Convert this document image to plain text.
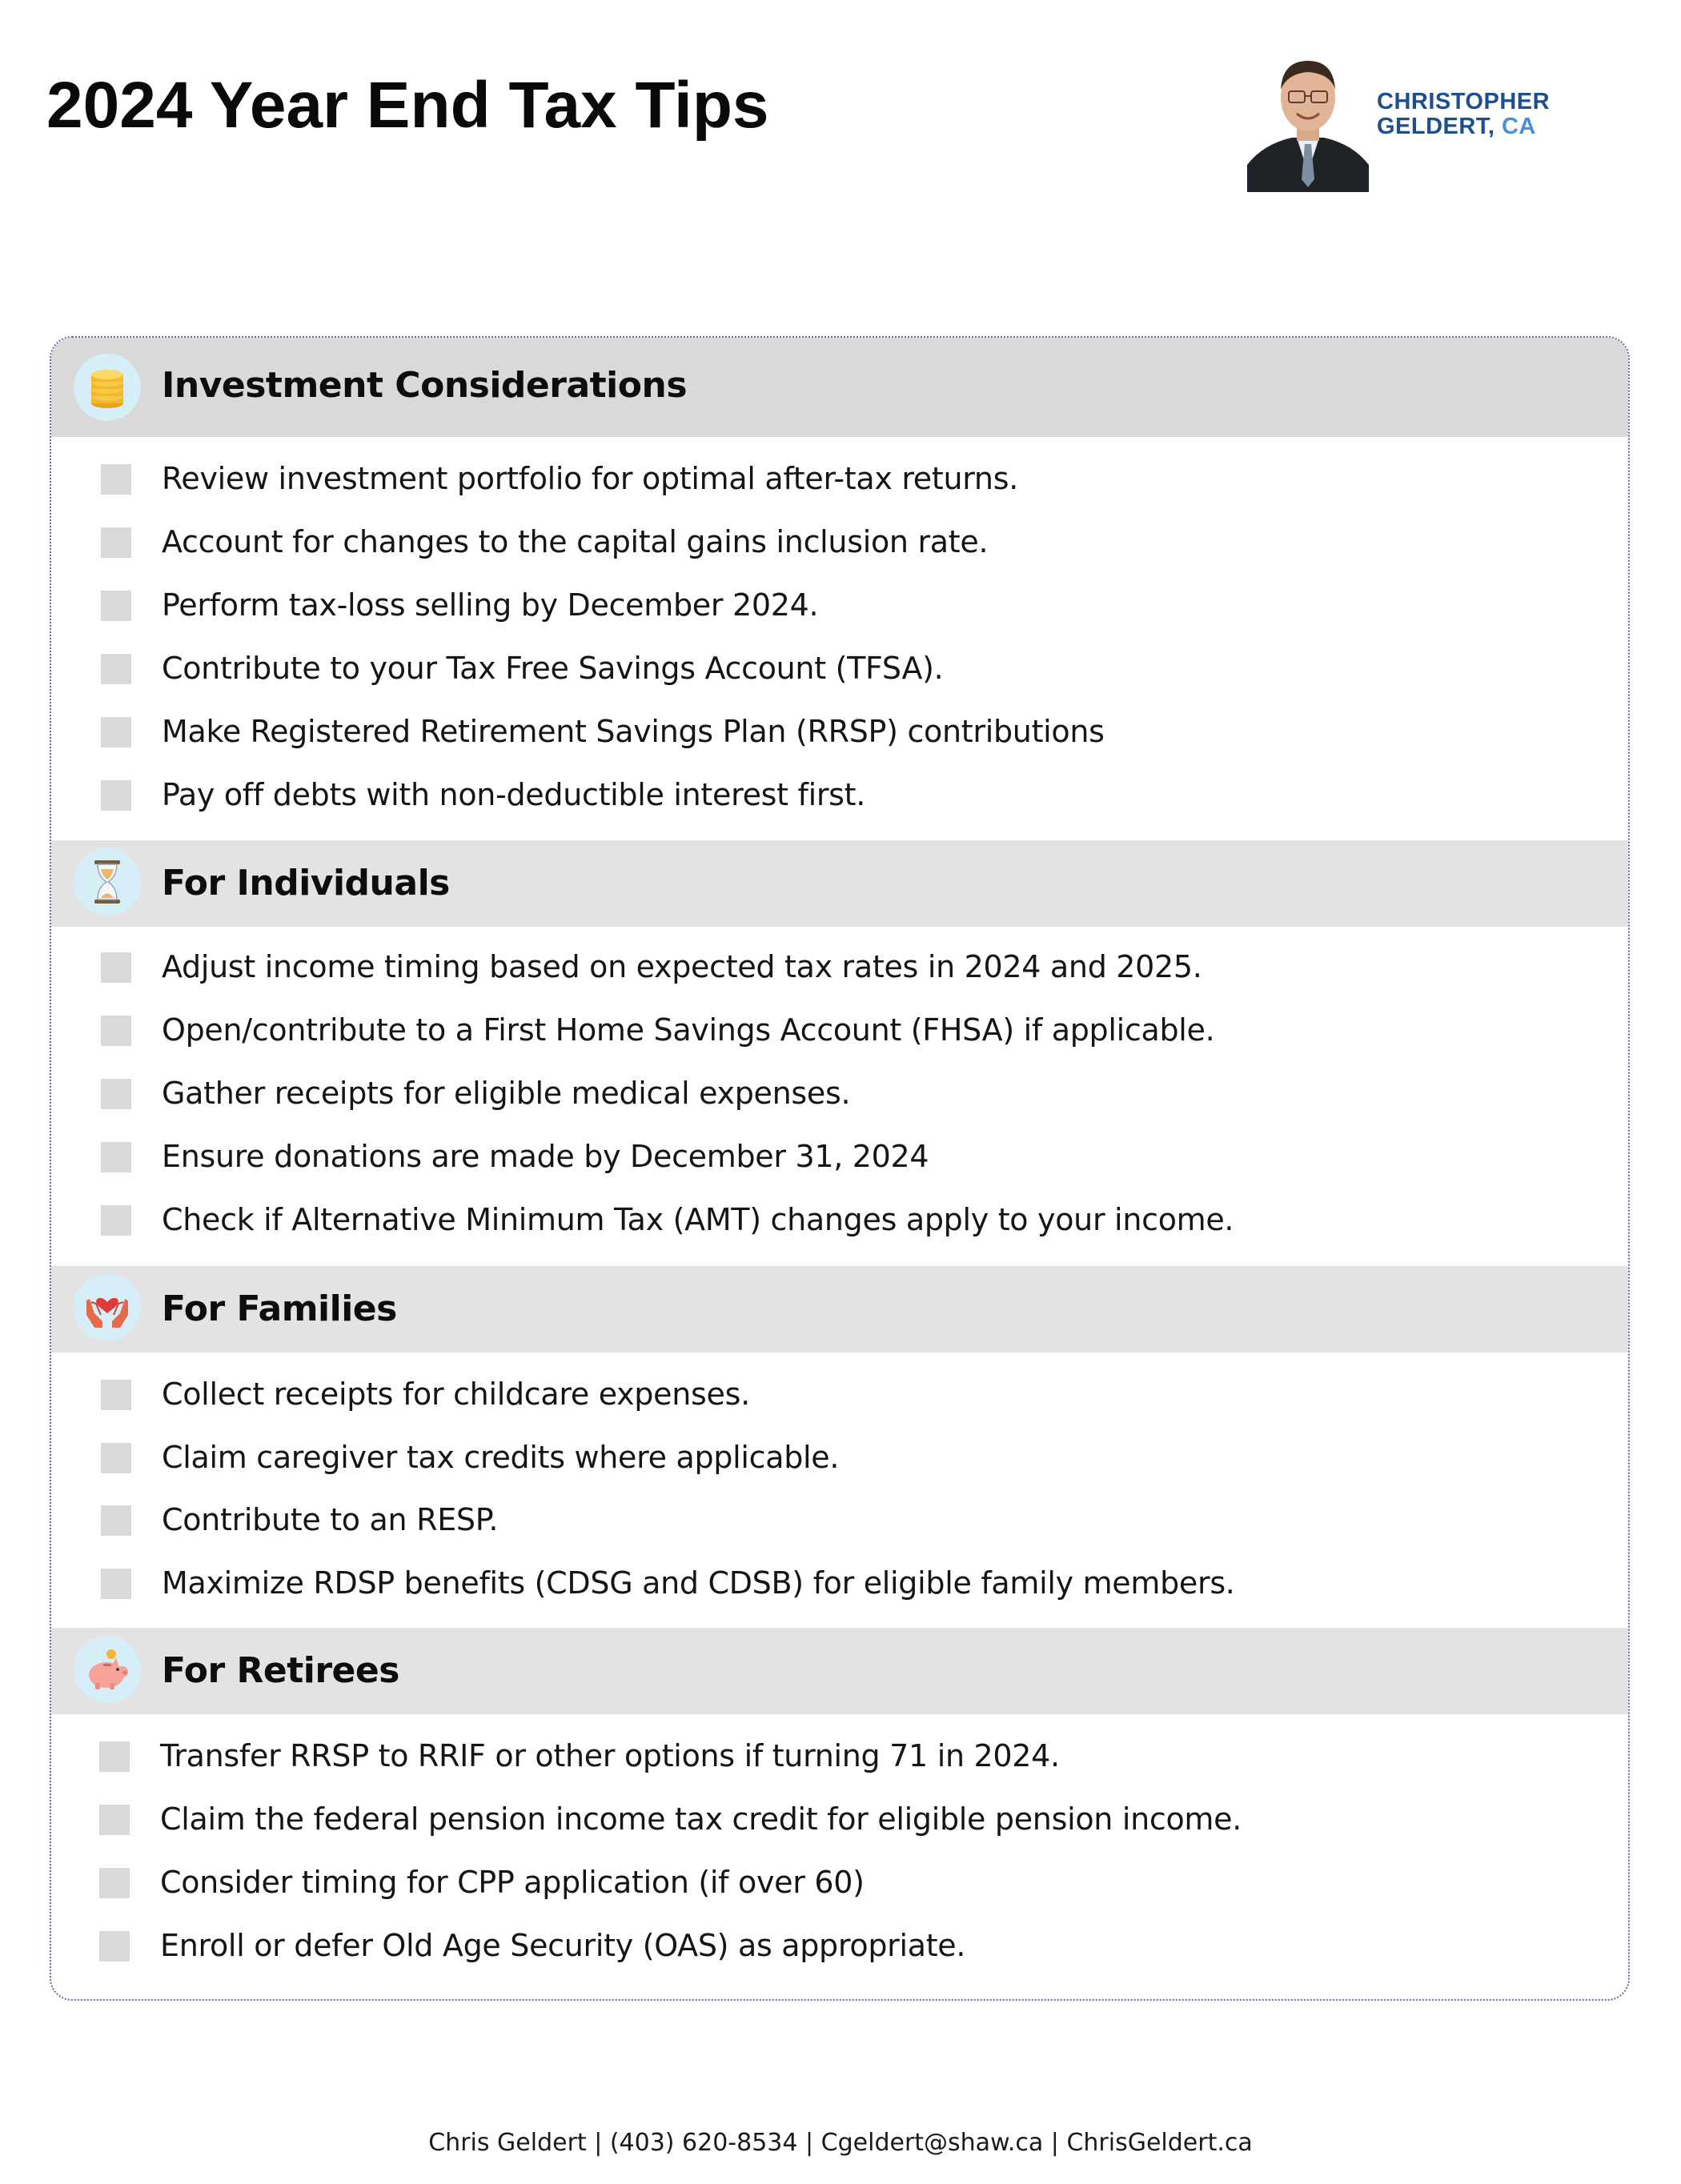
2024 Year End Tax Tips	CHRISTOPHER
GELDERT, CA
Investment Considerations
Review investment portfolio for optimal after-tax returns.
Account for changes to the capital gains inclusion rate.
Perform tax-loss selling by December 2024.
Contribute to your Tax Free Savings Account (TFSA).
Make Registered Retirement Savings Plan (RRSP) contributions
Pay off debts with non-deductible interest first.
For Individuals
Adjust income timing based on expected tax rates in 2024 and 2025.
Open/contribute to a First Home Savings Account (FHSA) if applicable.
Gather receipts for eligible medical expenses.
Ensure donations are made by December 31, 2024
Check if Alternative Minimum Tax (AMT) changes apply to your income.
For Families
Collect receipts for childcare expenses.
Claim caregiver tax credits where applicable.
Contribute to an RESP.
Maximize RDSP benefits (CDSG and CDSB) for eligible family members.
For Retirees
Transfer RRSP to RRIF or other options if turning 71 in 2024.
Claim the federal pension income tax credit for eligible pension income.
Consider timing for CPP application (if over 60)
Enroll or defer Old Age Security (OAS) as appropriate.
Chris Geldert | (403) 620-8534 | Cgeldert@shaw.ca | ChrisGeldert.ca
